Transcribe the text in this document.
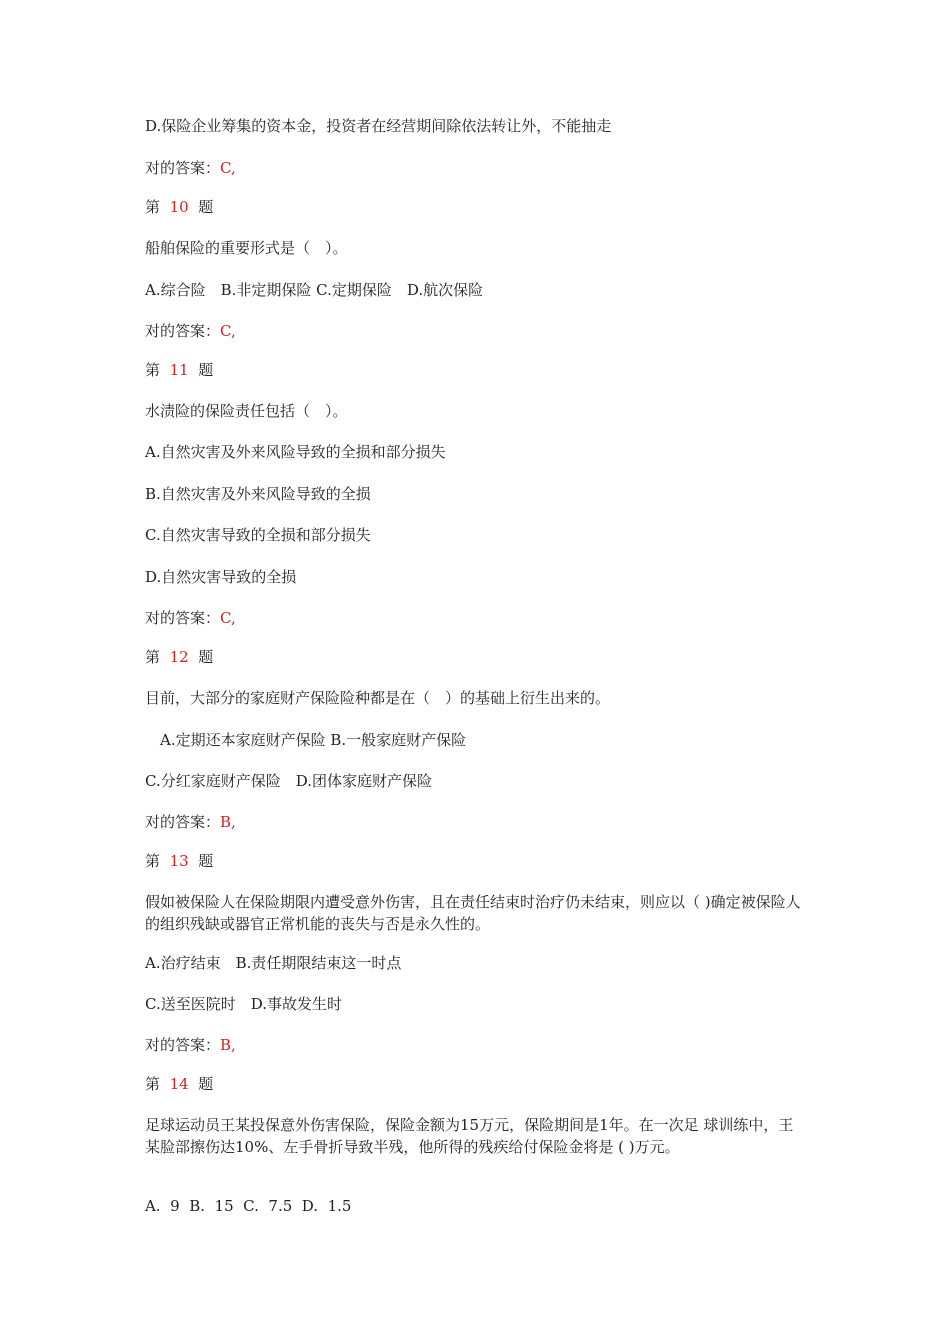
D.保险企业筹集的资本金，投资者在经营期间除依法转让外，不能抽走
对的答案：C,
第 10 题
船舶保险的重要形式是（　）。
A.综合险　B.非定期保险 C.定期保险　D.航次保险
对的答案：C,
第 11 题
水渍险的保险责任包括（　）。
A.自然灾害及外来风险导致的全损和部分损失
B.自然灾害及外来风险导致的全损
C.自然灾害导致的全损和部分损失
D.自然灾害导致的全损
对的答案：C,
第 12 题
目前，大部分的家庭财产保险险种都是在（　）的基础上衍生出来的。
A.定期还本家庭财产保险 B.一般家庭财产保险
C.分红家庭财产保险　D.团体家庭财产保险
对的答案：B,
第 13 题
假如被保险人在保险期限内遭受意外伤害，且在责任结束时治疗仍未结束，则应以（ )确定被保险人的组织残缺或器官正常机能的丧失与否是永久性的。
A.治疗结束　B.责任期限结束这一时点
C.送至医院时　D.事故发生时
对的答案：B,
第 14 题
足球运动员王某投保意外伤害保险，保险金额为15万元，保险期间是1年。在一次足 球训练中，王某脸部擦伤达10%、左手骨折导致半残，他所得的残疾给付保险金将是 ( )万元。
A.  9  B.  15  C.  7.5  D.  1.5
